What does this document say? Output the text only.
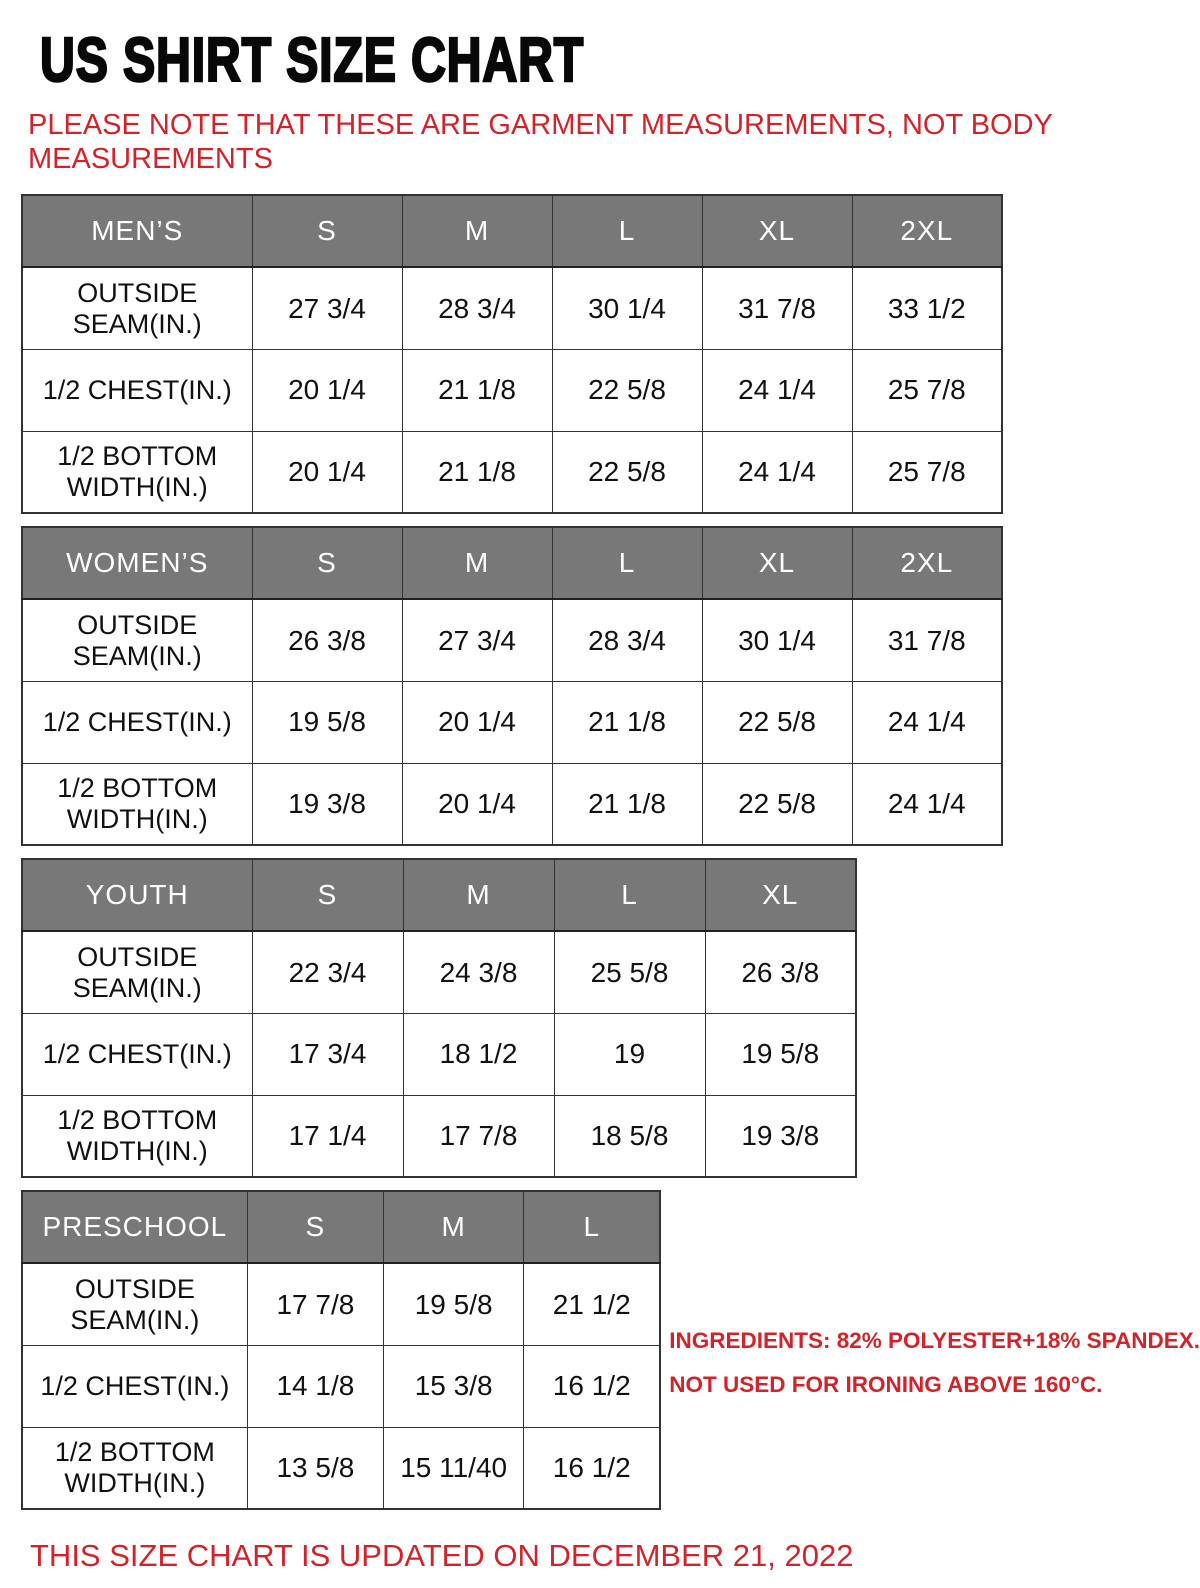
US SHIRT SIZE CHART
PLEASE NOTE THAT THESE ARE GARMENT MEASUREMENTS, NOT BODY MEASUREMENTS
MEN’S	S	M	L	XL	2XL
OUTSIDE SEAM(IN.)	27 3/4	28 3/4	30 1/4	31 7/8	33 1/2
1/2 CHEST(IN.)	20 1/4	21 1/8	22 5/8	24 1/4	25 7/8
1/2 BOTTOM WIDTH(IN.)	20 1/4	21 1/8	22 5/8	24 1/4	25 7/8
WOMEN’S	S	M	L	XL	2XL
OUTSIDE SEAM(IN.)	26 3/8	27 3/4	28 3/4	30 1/4	31 7/8
1/2 CHEST(IN.)	19 5/8	20 1/4	21 1/8	22 5/8	24 1/4
1/2 BOTTOM WIDTH(IN.)	19 3/8	20 1/4	21 1/8	22 5/8	24 1/4
YOUTH	S	M	L	XL
OUTSIDE SEAM(IN.)	22 3/4	24 3/8	25 5/8	26 3/8
1/2 CHEST(IN.)	17 3/4	18 1/2	19	19 5/8
1/2 BOTTOM WIDTH(IN.)	17 1/4	17 7/8	18 5/8	19 3/8
PRESCHOOL	S	M	L
OUTSIDE SEAM(IN.)	17 7/8	19 5/8	21 1/2
1/2 CHEST(IN.)	14 1/8	15 3/8	16 1/2
1/2 BOTTOM WIDTH(IN.)	13 5/8	15 11/40	16 1/2
INGREDIENTS: 82% POLYESTER+18% SPANDEX.
NOT USED FOR IRONING ABOVE 160°C.
THIS SIZE CHART IS UPDATED ON DECEMBER 21, 2022
